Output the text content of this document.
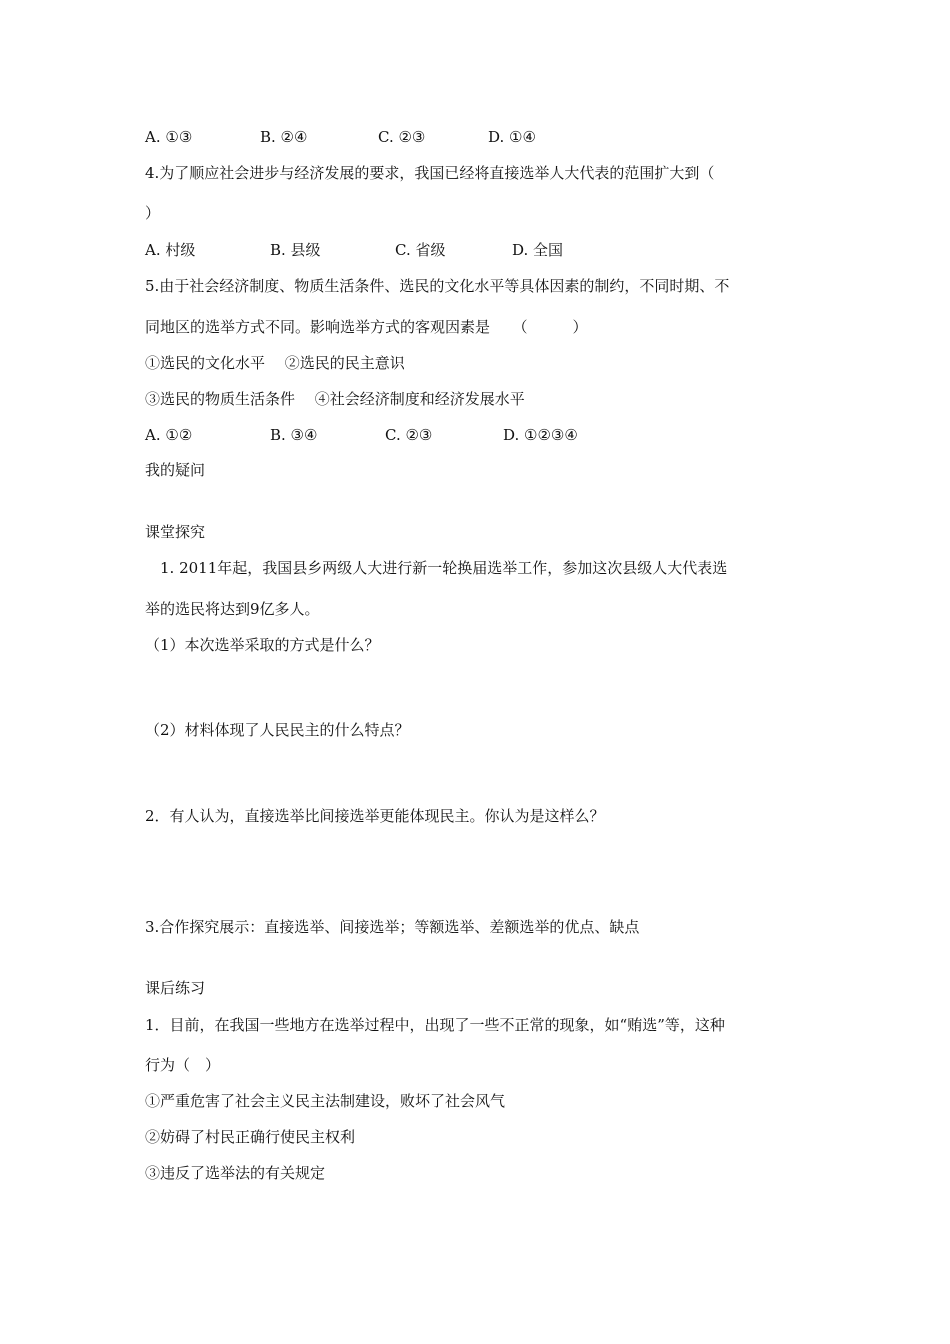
A. ①③	B. ②④	C. ②③	D. ①④
4.为了顺应社会进步与经济发展的要求，我国已经将直接选举人大代表的范围扩大到（
）
A. 村级	B. 县级	C. 省级	D. 全国
5.由于社会经济制度、物质生活条件、选民的文化水平等具体因素的制约，不同时期、不
同地区的选举方式不同。影响选举方式的客观因素是　　（　　　）
①选民的文化水平　 ②选民的民主意识
③选民的物质生活条件　 ④社会经济制度和经济发展水平
A. ①②	B. ③④	C. ②③	D. ①②③④
我的疑问
课堂探究
1. 2011年起，我国县乡两级人大进行新一轮换届选举工作，参加这次县级人大代表选
举的选民将达到9亿多人。
（1）本次选举采取的方式是什么？
（2）材料体现了人民民主的什么特点？
2．有人认为，直接选举比间接选举更能体现民主。你认为是这样么？
3.合作探究展示：直接选举、间接选举；等额选举、差额选举的优点、缺点
课后练习
1．目前，在我国一些地方在选举过程中，出现了一些不正常的现象，如“贿选”等，这种
行为（　）
①严重危害了社会主义民主法制建设，败坏了社会风气
②妨碍了村民正确行使民主权利
③违反了选举法的有关规定
